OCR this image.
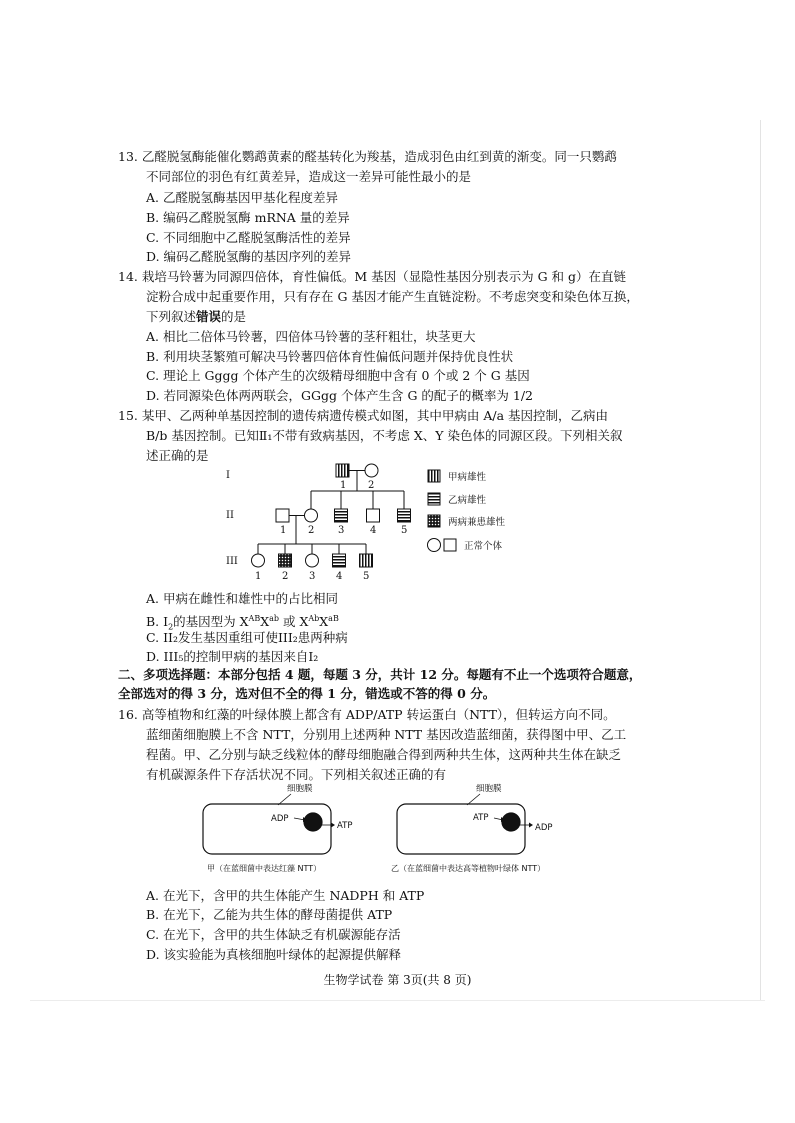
13. 乙醛脱氢酶能催化鹦鹉黄素的醛基转化为羧基，造成羽色由红到黄的渐变。同一只鹦鹉
不同部位的羽色有红黄差异，造成这一差异可能性最小的是
A. 乙醛脱氢酶基因甲基化程度差异
B. 编码乙醛脱氢酶 mRNA 量的差异
C. 不同细胞中乙醛脱氢酶活性的差异
D. 编码乙醛脱氢酶的基因序列的差异
14. 栽培马铃薯为同源四倍体，育性偏低。M 基因（显隐性基因分别表示为 G 和 g）在直链
淀粉合成中起重要作用，只有存在 G 基因才能产生直链淀粉。不考虑突变和染色体互换，
下列叙述错误的是
A. 相比二倍体马铃薯，四倍体马铃薯的茎秆粗壮，块茎更大
B. 利用块茎繁殖可解决马铃薯四倍体育性偏低问题并保持优良性状
C. 理论上 Gggg 个体产生的次级精母细胞中含有 0 个或 2 个 G 基因
D. 若同源染色体两两联会，GGgg 个体产生含 G 的配子的概率为 1/2
15. 某甲、乙两种单基因控制的遗传病遗传模式如图，其中甲病由 A/a 基因控制，乙病由
B/b 基因控制。已知Ⅱ₁不带有致病基因，不考虑 X、Y 染色体的同源区段。下列相关叙
述正确的是
I
1 2
II
1 2 3	4 5
III
1 2 3 4 5
甲病雄性
乙病雄性
两病兼患雄性
正常个体
A. 甲病在雌性和雄性中的占比相同
B. $I_2$的基因型为 $X^{AB}X^{ab}$ 或 $X^{Ab}X^{aB}$
C. II₂发生基因重组可使III₂患两种病
D. III₅的控制甲病的基因来自I₂
二、多项选择题：本部分包括 4 题，每题 3 分，共计 12 分。每题有不止一个选项符合题意，
全部选对的得 3 分，选对但不全的得 1 分，错选或不答的得 0 分。
16. 高等植物和红藻的叶绿体膜上都含有 ADP/ATP 转运蛋白（NTT），但转运方向不同。
蓝细菌细胞膜上不含 NTT，分别用上述两种 NTT 基因改造蓝细菌，获得图中甲、乙工
程菌。甲、乙分别与缺乏线粒体的酵母细胞融合得到两种共生体，这两种共生体在缺乏
有机碳源条件下存活状况不同。下列相关叙述正确的有
细胞膜
ADP
ATP
甲（在蓝细菌中表达红藻 NTT）
细胞膜
ATP
ADP
乙（在蓝细菌中表达高等植物叶绿体 NTT）
A. 在光下，含甲的共生体能产生 NADPH 和 ATP
B. 在光下，乙能为共生体的酵母菌提供 ATP
C. 在光下，含甲的共生体缺乏有机碳源能存活
D. 该实验能为真核细胞叶绿体的起源提供解释
生物学试卷 第 3页(共 8 页)
